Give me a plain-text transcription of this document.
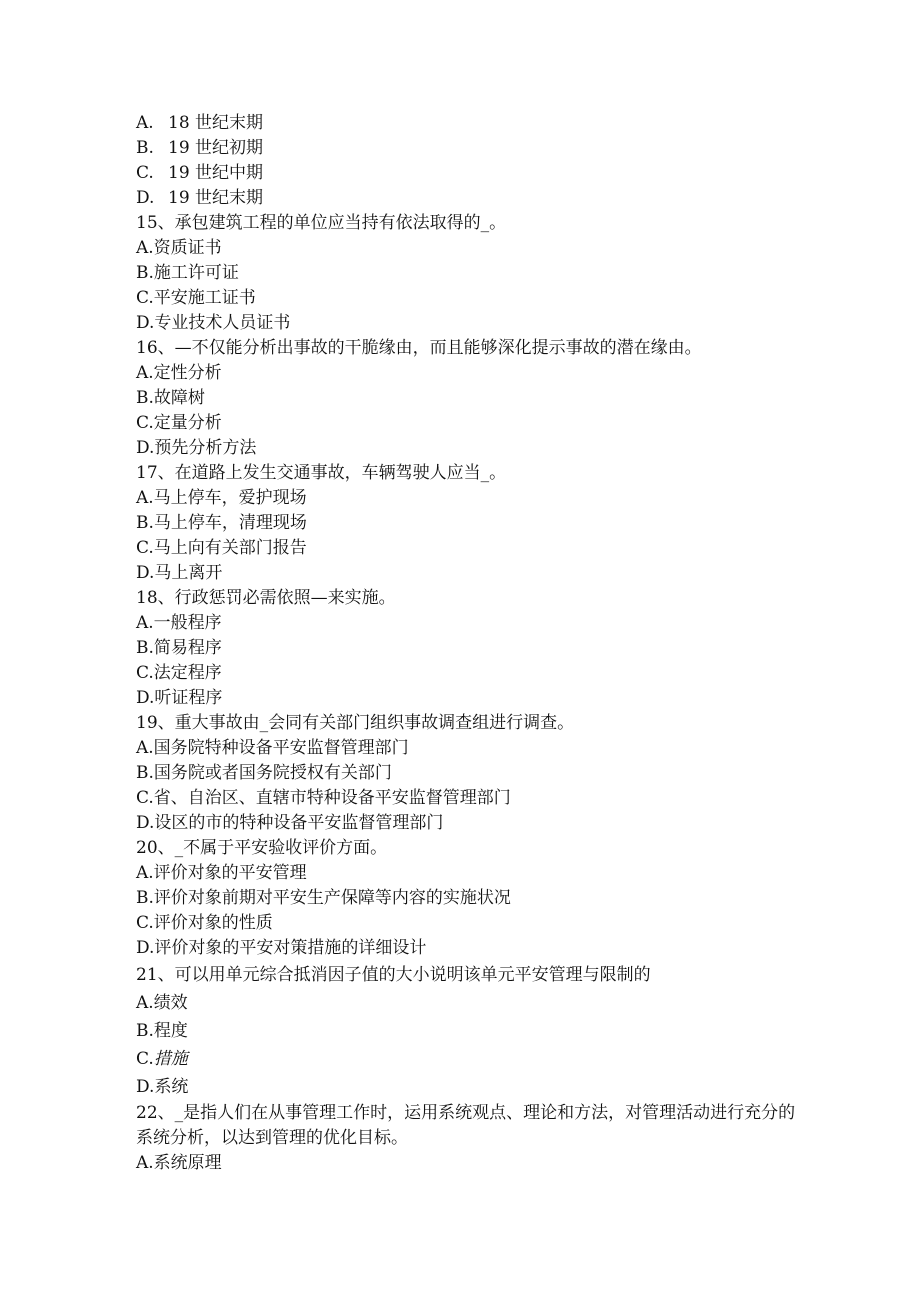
A. 18 世纪末期
B. 19 世纪初期
C. 19 世纪中期
D. 19 世纪末期
15、承包建筑工程的单位应当持有依法取得的_。
A.资质证书
B.施工许可证
C.平安施工证书
D.专业技术人员证书
16、—不仅能分析出事故的干脆缘由，而且能够深化提示事故的潜在缘由。
A.定性分析
B.故障树
C.定量分析
D.预先分析方法
17、在道路上发生交通事故，车辆驾驶人应当_。
A.马上停车，爱护现场
B.马上停车，清理现场
C.马上向有关部门报告
D.马上离开
18、行政惩罚必需依照—来实施。
A.一般程序
B.简易程序
C.法定程序
D.听证程序
19、重大事故由_会同有关部门组织事故调查组进行调查。
A.国务院特种设备平安监督管理部门
B.国务院或者国务院授权有关部门
C.省、自治区、直辖市特种设备平安监督管理部门
D.设区的市的特种设备平安监督管理部门
20、_不属于平安验收评价方面。
A.评价对象的平安管理
B.评价对象前期对平安生产保障等内容的实施状况
C.评价对象的性质
D.评价对象的平安对策措施的详细设计
21、可以用单元综合抵消因子值的大小说明该单元平安管理与限制的
A.绩效
B.程度
C.措施
D.系统
22、_是指人们在从事管理工作时，运用系统观点、理论和方法，对管理活动进行充分的系统分析，以达到管理的优化目标。
A.系统原理
